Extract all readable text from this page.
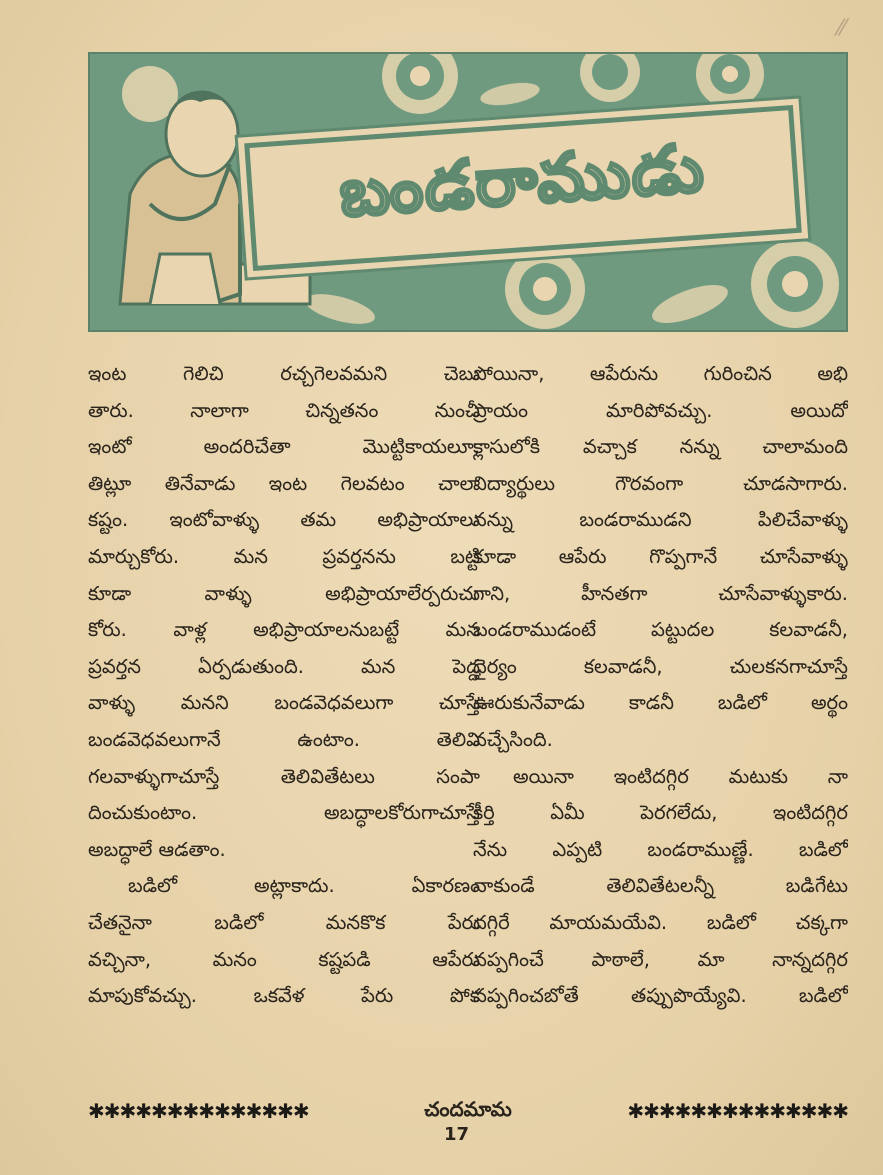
⁄⁄
బండరాముడు
ఇంట గెలిచి రచ్చగెలవమని చెబు
తారు. నాలాగా చిన్నతనం నుంచీ
ఇంటో అందరిచేతా మొట్టికాయలూ,
తిట్లూ తినేవాడు ఇంట గెలవటం చాలా
కష్టం. ఇంటోవాళ్ళు తమ అభిప్రాయాలు
మార్చుకోరు. మన ప్రవర్తనను బట్టి
కూడా వాళ్ళు అభిప్రాయాలేర్పరుచు
కోరు. వాళ్ల అభిప్రాయాలనుబట్టే మన
ప్రవర్తన ఏర్పడుతుంది. మన పెద్ద
వాళ్ళు మనని బండవెధవలుగా చూస్తే
బండవెధవలుగానే ఉంటాం. తెలివి
గలవాళ్ళుగాచూస్తే తెలివితేటలు సంపా
దించుకుంటాం. అబద్ధాలకోరుగాచూస్తే
అబద్ధాలే ఆడతాం.
బడిలో అట్లాకాదు. ఏకారణం
చేతనైనా బడిలో మనకొక పేరు
వచ్చినా, మనం కష్టపడి ఆపేరు
మాపుకోవచ్చు. ఒకవేళ పేరు పోక
పోయినా, ఆపేరును గురించిన అభి
ప్రాయం మారిపోవచ్చు. అయిదో
క్లాసులోకి వచ్చాక నన్ను చాలామంది
విద్యార్థులు గౌరవంగా చూడసాగారు.
నన్ను బండరాముడని పిలిచేవాళ్ళు
కూడా ఆపేరు గొప్పగానే చూసేవాళ్ళు
గాని, హీనతగా చూసేవాళ్ళుకారు.
బండరాముడంటే పట్టుదల కలవాడనీ,
ధైర్యం కలవాడనీ, చులకనగాచూస్తే
ఊరుకునేవాడు కాడనీ బడిలో అర్థం
వచ్చేసింది.
అయినా ఇంటిదగ్గిర మటుకు నా
కీర్తి ఏమీ పెరగలేదు, ఇంటిదగ్గిర
నేను ఎప్పటి బండరాముణ్ణే. బడిలో
నాకుండే తెలివితేటలన్నీ బడిగేటు
దగ్గిరే మాయమయేవి. బడిలో చక్కగా
వప్పగించే పాఠాలే, మా నాన్నదగ్గిర
వప్పగించబోతే తప్పుపొయ్యేవి. బడిలో
✱✱✱✱✱✱✱✱✱✱✱✱✱✱	చందమామ	✱✱✱✱✱✱✱✱✱✱✱✱✱✱
17
